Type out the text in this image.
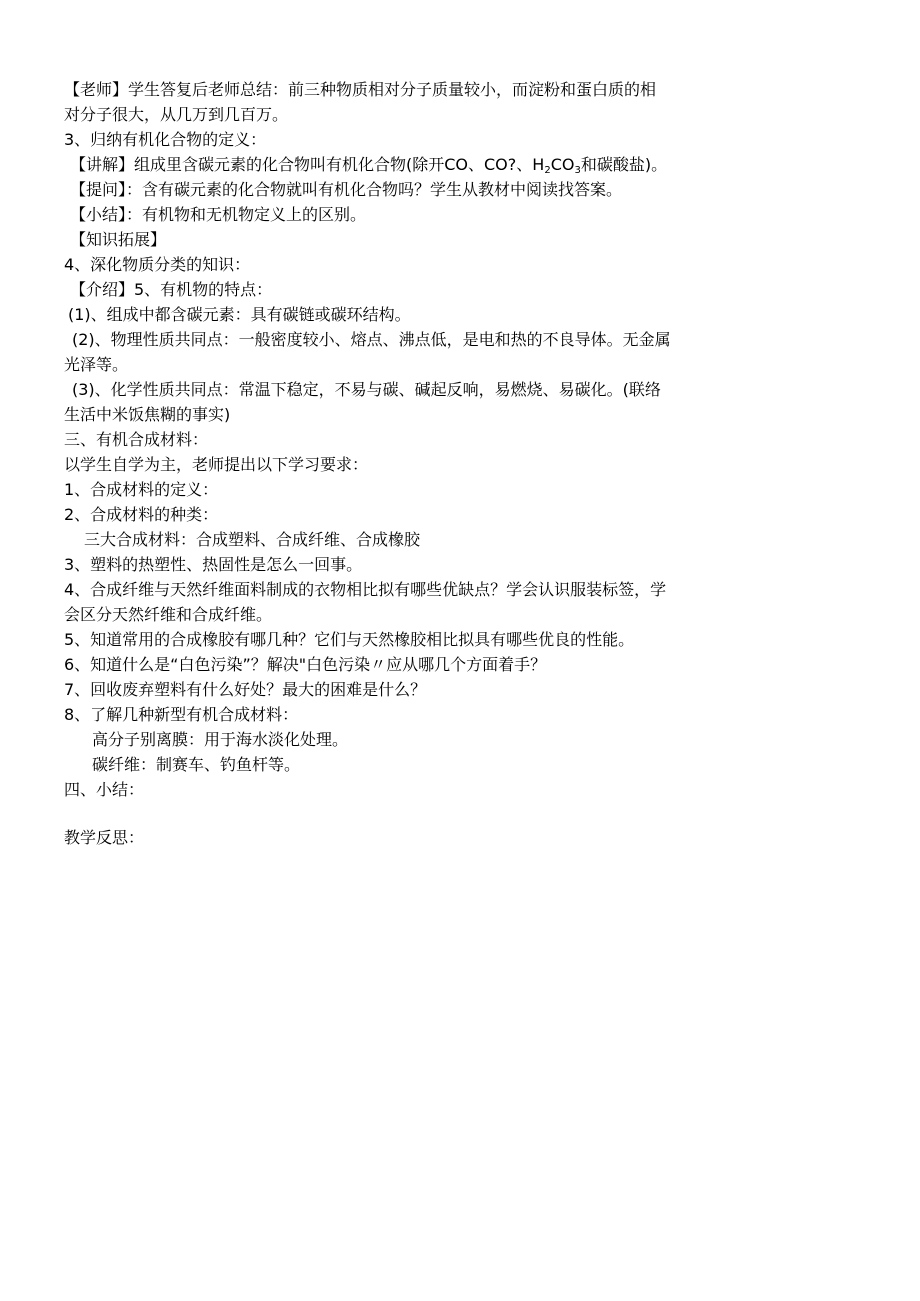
【老师】学生答复后老师总结：前三种物质相对分子质量较小，而淀粉和蛋白质的相
对分子很大，从几万到几百万。
3、归纳有机化合物的定义：
【讲解】组成里含碳元素的化合物叫有机化合物(除开CO、CO?、$H_2CO_3$和碳酸盐)。
【提问】：含有碳元素的化合物就叫有机化合物吗？学生从教材中阅读找答案。
【小结】：有机物和无机物定义上的区别。
【知识拓展】
4、深化物质分类的知识：
【介绍】5、有机物的特点：
(1)、组成中都含碳元素：具有碳链或碳环结构。
(2)、物理性质共同点：一般密度较小、熔点、沸点低，是电和热的不良导体。无金属
光泽等。
(3)、化学性质共同点：常温下稳定，不易与碳、碱起反响，易燃烧、易碳化。(联络
生活中米饭焦糊的事实)
三、有机合成材料：
以学生自学为主，老师提出以下学习要求：
1、合成材料的定义：
2、合成材料的种类：
三大合成材料：合成塑料、合成纤维、合成橡胶
3、塑料的热塑性、热固性是怎么一回事。
4、合成纤维与天然纤维面料制成的衣物相比拟有哪些优缺点？学会认识服装标签，学
会区分天然纤维和合成纤维。
5、知道常用的合成橡胶有哪几种？它们与天然橡胶相比拟具有哪些优良的性能。
6、知道什么是“白色污染”？解决"白色污染〃应从哪几个方面着手？
7、回收废弃塑料有什么好处？最大的困难是什么？
8、了解几种新型有机合成材料：
高分子别离膜：用于海水淡化处理。
碳纤维：制赛车、钓鱼杆等。
四、小结：
教学反思：
